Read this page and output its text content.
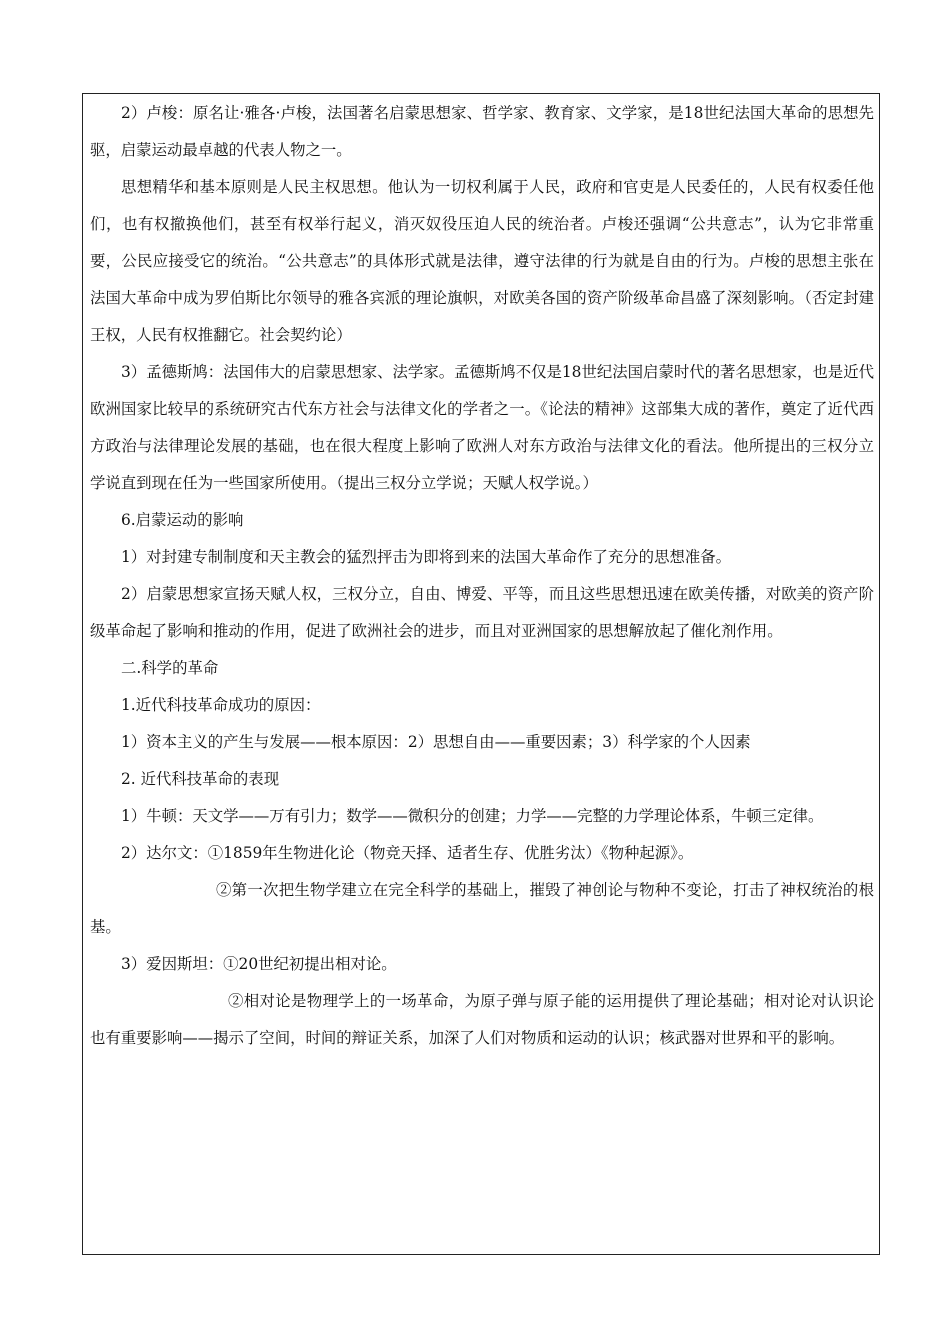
2）卢梭：原名让·雅各·卢梭，法国著名启蒙思想家、哲学家、教育家、文学家，是18世纪法国大革命的思想先驱，启蒙运动最卓越的代表人物之一。

思想精华和基本原则是人民主权思想。他认为一切权利属于人民，政府和官吏是人民委任的，人民有权委任他们，也有权撤换他们，甚至有权举行起义，消灭奴役压迫人民的统治者。卢梭还强调“公共意志”，认为它非常重要，公民应接受它的统治。“公共意志”的具体形式就是法律，遵守法律的行为就是自由的行为。卢梭的思想主张在法国大革命中成为罗伯斯比尔领导的雅各宾派的理论旗帜，对欧美各国的资产阶级革命昌盛了深刻影响。（否定封建王权，人民有权推翻它。社会契约论）

3）孟德斯鸠：法国伟大的启蒙思想家、法学家。孟德斯鸠不仅是18世纪法国启蒙时代的著名思想家，也是近代欧洲国家比较早的系统研究古代东方社会与法律文化的学者之一。《论法的精神》这部集大成的著作，奠定了近代西方政治与法律理论发展的基础，也在很大程度上影响了欧洲人对东方政治与法律文化的看法。他所提出的三权分立学说直到现在任为一些国家所使用。（提出三权分立学说；天赋人权学说。）

6.启蒙运动的影响

1）对封建专制制度和天主教会的猛烈抨击为即将到来的法国大革命作了充分的思想准备。

2）启蒙思想家宣扬天赋人权，三权分立，自由、博爱、平等，而且这些思想迅速在欧美传播，对欧美的资产阶级革命起了影响和推动的作用，促进了欧洲社会的进步，而且对亚洲国家的思想解放起了催化剂作用。

二.科学的革命

1.近代科技革命成功的原因：

1）资本主义的产生与发展——根本原因：2）思想自由——重要因素；3）科学家的个人因素

2. 近代科技革命的表现

1）牛顿：天文学——万有引力；数学——微积分的创建；力学——完整的力学理论体系，牛顿三定律。

2）达尔文：①1859年生物进化论（物竞天择、适者生存、优胜劣汰）《物种起源》。

②第一次把生物学建立在完全科学的基础上，摧毁了神创论与物种不变论，打击了神权统治的根基。

3）爱因斯坦：①20世纪初提出相对论。

②相对论是物理学上的一场革命，为原子弹与原子能的运用提供了理论基础；相对论对认识论也有重要影响——揭示了空间，时间的辩证关系，加深了人们对物质和运动的认识；核武器对世界和平的影响。
